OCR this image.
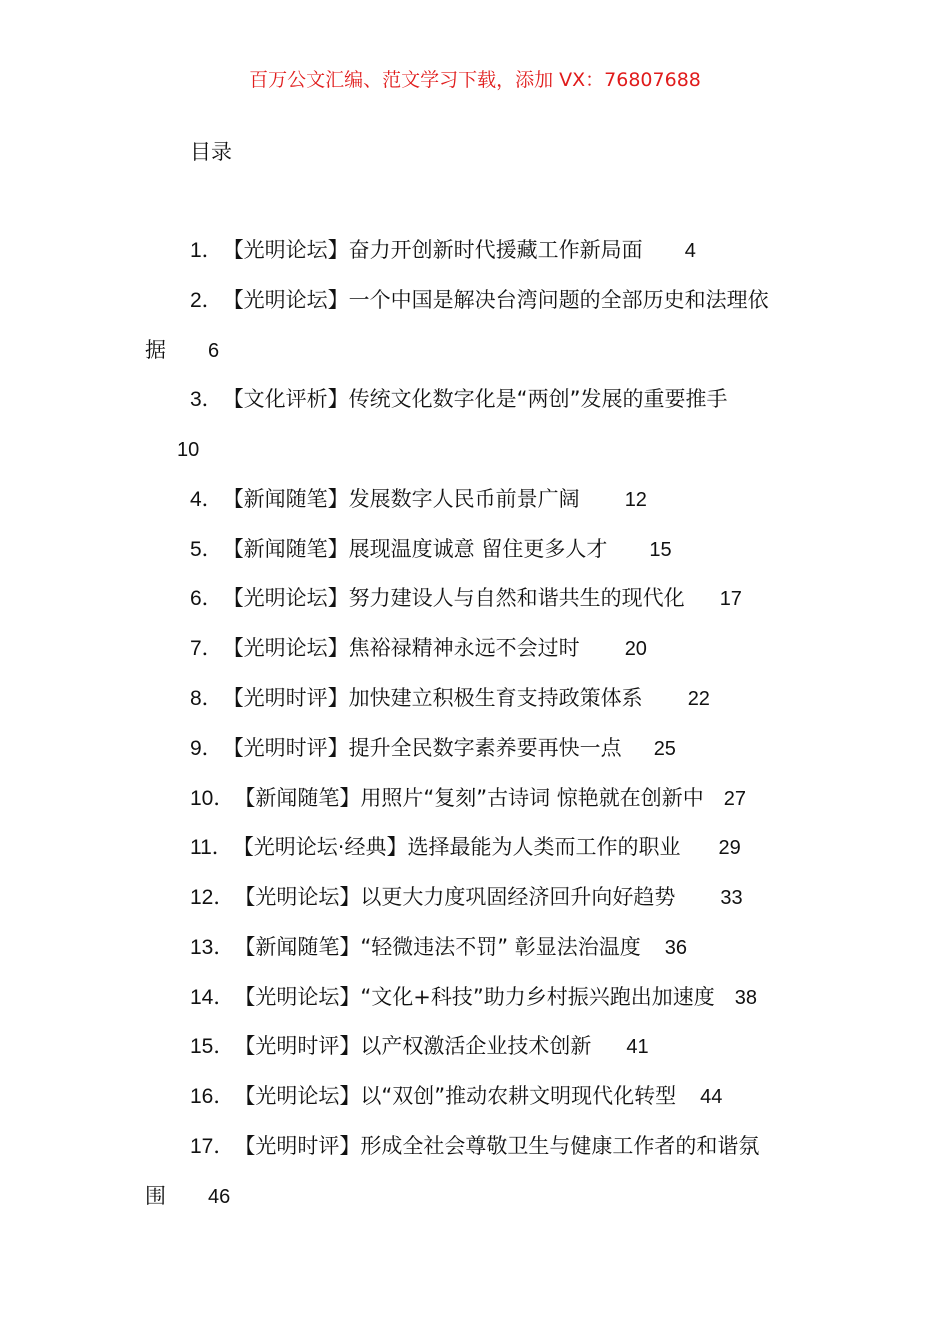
百万公文汇编、范文学习下载，添加 VX：76807688
目录
1．【光明论坛】奋力开创新时代援藏工作新局面 4
2．【光明论坛】一个中国是解决台湾问题的全部历史和法理依
据 6
3．【文化评析】传统文化数字化是“两创”发展的重要推手
10
4．【新闻随笔】发展数字人民币前景广阔 12
5．【新闻随笔】展现温度诚意 留住更多人才 15
6．【光明论坛】努力建设人与自然和谐共生的现代化 17
7．【光明论坛】焦裕禄精神永远不会过时 20
8．【光明时评】加快建立积极生育支持政策体系 22
9．【光明时评】提升全民数字素养要再快一点 25
10．【新闻随笔】用照片“复刻”古诗词 惊艳就在创新中 27
11．【光明论坛·经典】选择最能为人类而工作的职业 29
12．【光明论坛】以更大力度巩固经济回升向好趋势 33
13．【新闻随笔】“轻微违法不罚” 彰显法治温度 36
14．【光明论坛】“文化+科技”助力乡村振兴跑出加速度 38
15．【光明时评】以产权激活企业技术创新 41
16．【光明论坛】以“双创”推动农耕文明现代化转型 44
17．【光明时评】形成全社会尊敬卫生与健康工作者的和谐氛
围 46
